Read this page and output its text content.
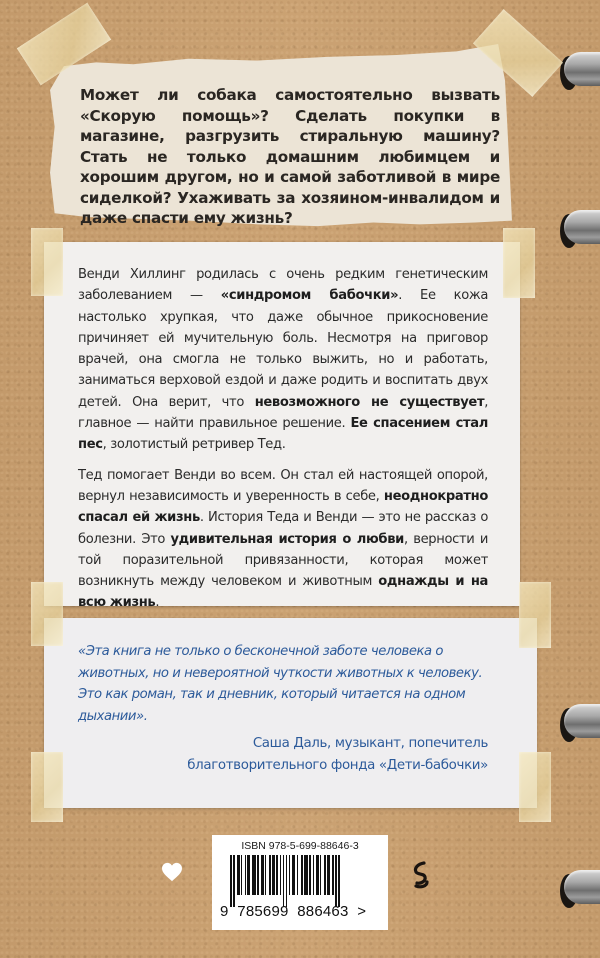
Может ли собака самостоятельно вызвать «Скорую помощь»? Сделать покупки в магазине, разгрузить стиральную машину? Стать не только домашним любимцем и хорошим другом, но и самой заботливой в мире сиделкой? Ухаживать за хозяином-инвалидом и даже спасти ему жизнь?

Венди Хиллинг родилась с очень редким генетическим заболеванием — «синдромом бабочки». Ее кожа настолько хрупкая, что даже обычное прикосновение причиняет ей мучительную боль. Несмотря на приговор врачей, она смогла не только выжить, но и работать, заниматься верховой ездой и даже родить и воспитать двух детей. Она верит, что невозможного не существует, главное — найти правильное решение. Ее спасением стал пес, золотистый ретривер Тед.

Тед помогает Венди во всем. Он стал ей настоящей опорой, вернул независимость и уверенность в себе, неоднократно спасал ей жизнь. История Теда и Венди — это не рассказ о болезни. Это удивительная история о любви, верности и той поразительной привязанности, которая может возникнуть между человеком и животным однажды и на всю жизнь.

«Эта книга не только о бесконечной заботе человека о животных, но и невероятной чуткости животных к человеку. Это как роман, так и дневник, который читается на одном дыхании».
Саша Даль, музыкант, попечитель
благотворительного фонда «Дети-бабочки»
ISBN 978-5-699-88646-3
9  785699  886463  >
